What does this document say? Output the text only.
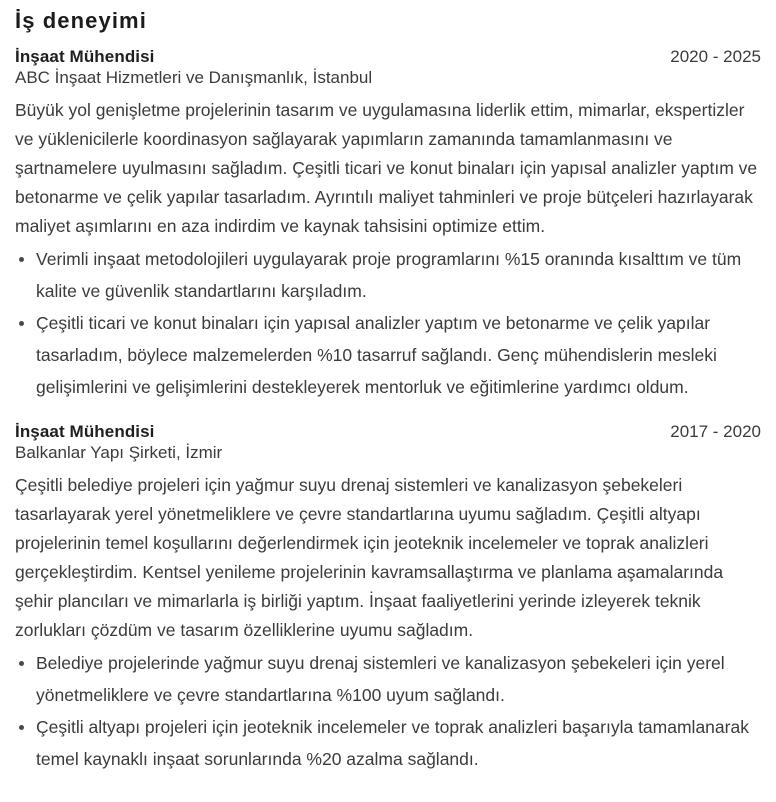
İş deneyimi
İnşaat Mühendisi
ABC İnşaat Hizmetleri ve Danışmanlık, İstanbul
2020 - 2025

Büyük yol genişletme projelerinin tasarım ve uygulamasına liderlik ettim, mimarlar, ekspertizler ve yüklenicilerle koordinasyon sağlayarak yapımların zamanında tamamlanmasını ve şartnamelere uyulmasını sağladım. Çeşitli ticari ve konut binaları için yapısal analizler yaptım ve betonarme ve çelik yapılar tasarladım. Ayrıntılı maliyet tahminleri ve proje bütçeleri hazırlayarak maliyet aşımlarını en aza indirdim ve kaynak tahsisini optimize ettim.

Verimli inşaat metodolojileri uygulayarak proje programlarını %15 oranında kısalttım ve tüm kalite ve güvenlik standartlarını karşıladım.
Çeşitli ticari ve konut binaları için yapısal analizler yaptım ve betonarme ve çelik yapılar tasarladım, böylece malzemelerden %10 tasarruf sağlandı. Genç mühendislerin mesleki gelişimlerini ve gelişimlerini destekleyerek mentorluk ve eğitimlerine yardımcı oldum.
İnşaat Mühendisi
Balkanlar Yapı Şirketi, İzmir
2017 - 2020

Çeşitli belediye projeleri için yağmur suyu drenaj sistemleri ve kanalizasyon şebekeleri tasarlayarak yerel yönetmeliklere ve çevre standartlarına uyumu sağladım. Çeşitli altyapı projelerinin temel koşullarını değerlendirmek için jeoteknik incelemeler ve toprak analizleri gerçekleştirdim. Kentsel yenileme projelerinin kavramsallaştırma ve planlama aşamalarında şehir plancıları ve mimarlarla iş birliği yaptım. İnşaat faaliyetlerini yerinde izleyerek teknik zorlukları çözdüm ve tasarım özelliklerine uyumu sağladım.

Belediye projelerinde yağmur suyu drenaj sistemleri ve kanalizasyon şebekeleri için yerel yönetmeliklere ve çevre standartlarına %100 uyum sağlandı.
Çeşitli altyapı projeleri için jeoteknik incelemeler ve toprak analizleri başarıyla tamamlanarak temel kaynaklı inşaat sorunlarında %20 azalma sağlandı.
